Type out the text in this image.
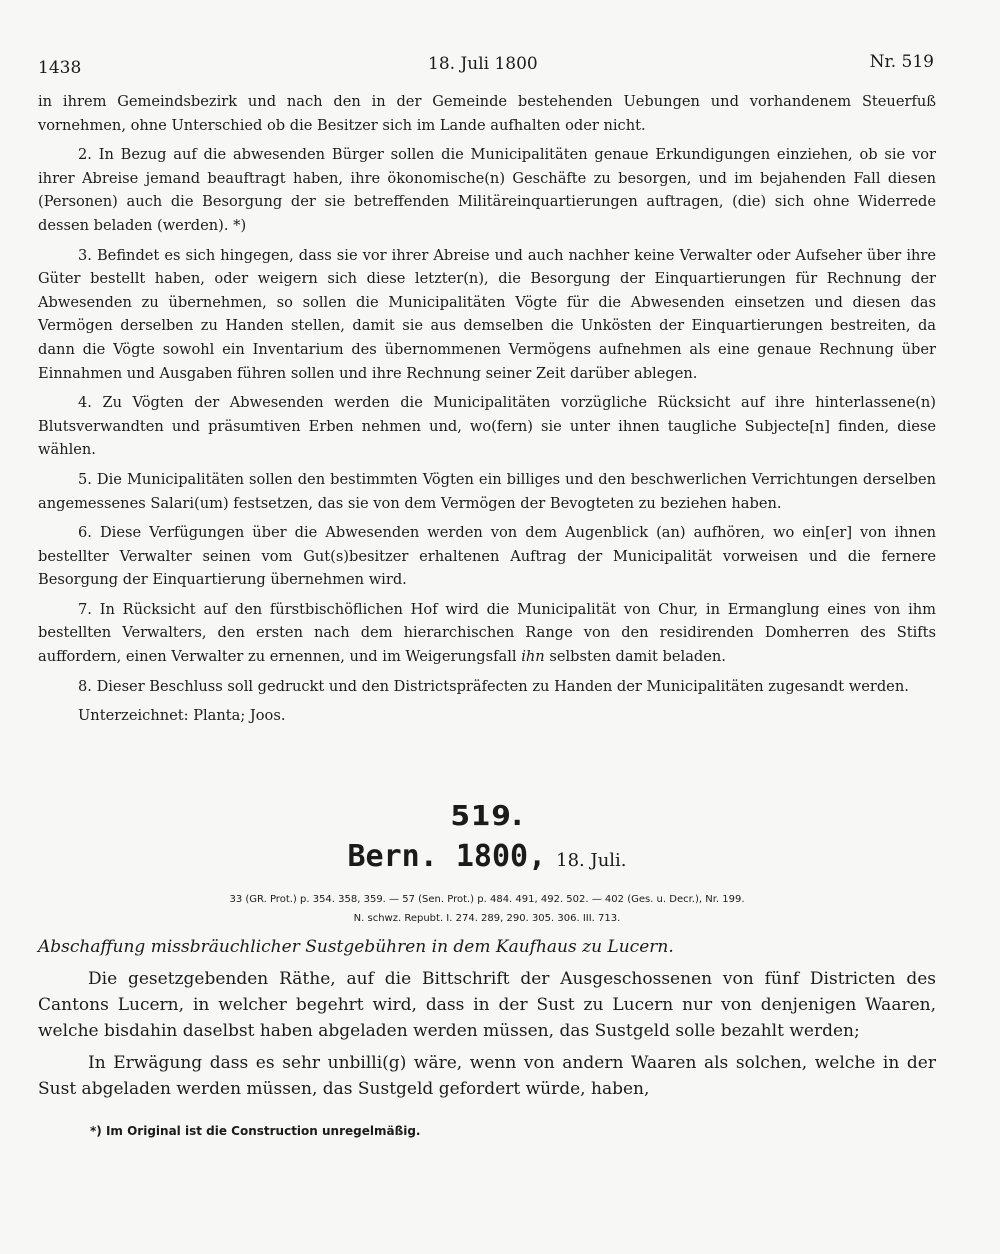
1438	18. Juli 1800	Nr. 519

in ihrem Gemeindsbezirk und nach den in der Gemeinde bestehenden Uebungen und vorhandenem Steuerfuß vornehmen, ohne Unterschied ob die Besitzer sich im Lande aufhalten oder nicht.

2. In Bezug auf die abwesenden Bürger sollen die Municipalitäten genaue Erkundigungen einziehen, ob sie vor ihrer Abreise jemand beauftragt haben, ihre ökonomische(n) Geschäfte zu besorgen, und im bejahenden Fall diesen (Personen) auch die Besorgung der sie betreffenden Militäreinquartierungen auftragen, (die) sich ohne Widerrede dessen beladen (werden). *)

3. Befindet es sich hingegen, dass sie vor ihrer Abreise und auch nachher keine Verwalter oder Aufseher über ihre Güter bestellt haben, oder weigern sich diese letzter(n), die Besorgung der Einquartierungen für Rechnung der Abwesenden zu übernehmen, so sollen die Municipalitäten Vögte für die Abwesenden einsetzen und diesen das Vermögen derselben zu Handen stellen, damit sie aus demselben die Unkösten der Einquartierungen bestreiten, da dann die Vögte sowohl ein Inventarium des übernommenen Vermögens aufnehmen als eine genaue Rechnung über Einnahmen und Ausgaben führen sollen und ihre Rechnung seiner Zeit darüber ablegen.

4. Zu Vögten der Abwesenden werden die Municipalitäten vorzügliche Rücksicht auf ihre hinterlassene(n) Blutsverwandten und präsumtiven Erben nehmen und, wo(fern) sie unter ihnen taugliche Subjecte[n] finden, diese wählen.

5. Die Municipalitäten sollen den bestimmten Vögten ein billiges und den beschwerlichen Verrichtungen derselben angemessenes Salari(um) festsetzen, das sie von dem Vermögen der Bevogteten zu beziehen haben.

6. Diese Verfügungen über die Abwesenden werden von dem Augenblick (an) aufhören, wo ein[er] von ihnen bestellter Verwalter seinen vom Gut(s)besitzer erhaltenen Auftrag der Municipalität vorweisen und die fernere Besorgung der Einquartierung übernehmen wird.

7. In Rücksicht auf den fürstbischöflichen Hof wird die Municipalität von Chur, in Ermanglung eines von ihm bestellten Verwalters, den ersten nach dem hierarchischen Range von den residirenden Domherren des Stifts auffordern, einen Verwalter zu ernennen, und im Weigerungsfall ihn selbsten damit beladen.

8. Dieser Beschluss soll gedruckt und den Districtspräfecten zu Handen der Municipalitäten zugesandt werden.

Unterzeichnet: Planta; Joos.

519.
Bern. 1800, 18. Juli.
33 (GR. Prot.) p. 354. 358, 359. — 57 (Sen. Prot.) p. 484. 491, 492. 502. — 402 (Ges. u. Decr.), Nr. 199.
N. schwz. Repubt. I. 274. 289, 290. 305. 306. III. 713.

Abschaffung missbräuchlicher Sustgebühren in dem Kaufhaus zu Lucern.

Die gesetzgebenden Räthe, auf die Bittschrift der Ausgeschossenen von fünf Districten des Cantons Lucern, in welcher begehrt wird, dass in der Sust zu Lucern nur von denjenigen Waaren, welche bisdahin daselbst haben abgeladen werden müssen, das Sustgeld solle bezahlt werden;

In Erwägung dass es sehr unbilli(g) wäre, wenn von andern Waaren als solchen, welche in der Sust abgeladen werden müssen, das Sustgeld gefordert würde, haben,

*) Im Original ist die Construction unregelmäßig.
